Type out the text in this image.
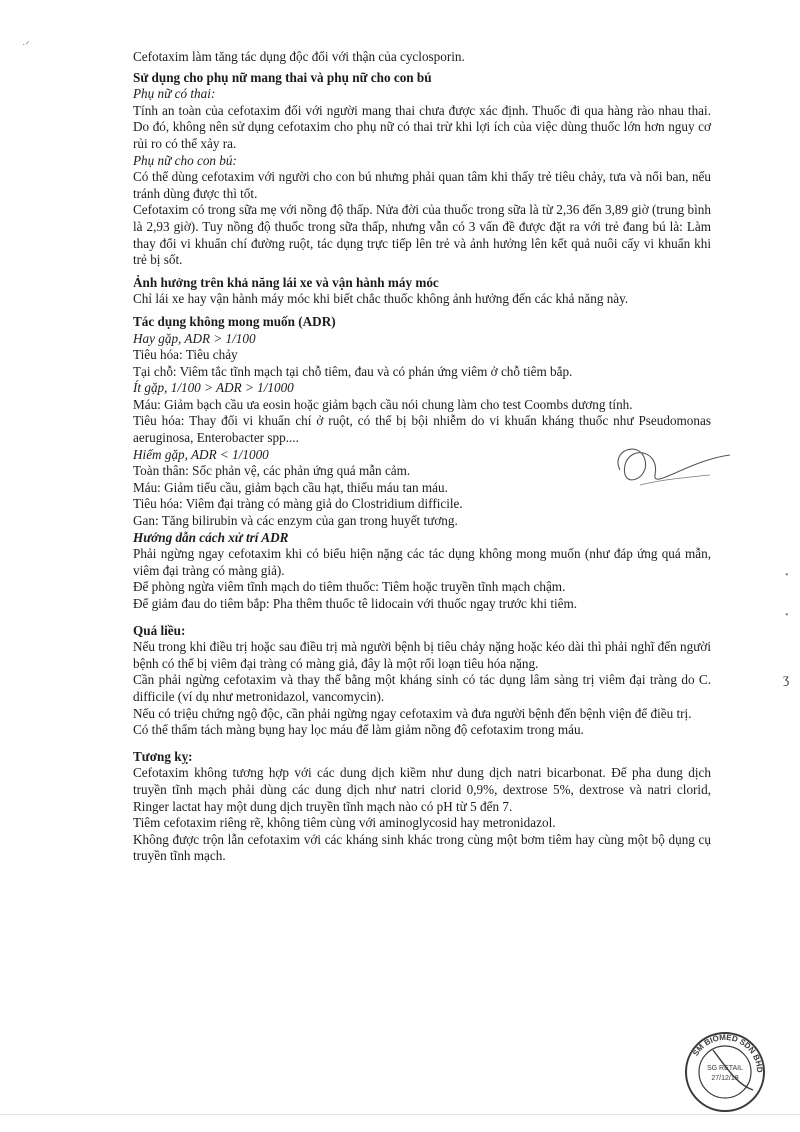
Cefotaxim làm tăng tác dụng độc đối với thận của cyclosporin.

Sử dụng cho phụ nữ mang thai và phụ nữ cho con bú

Phụ nữ có thai:

Tính an toàn của cefotaxim đối với người mang thai chưa được xác định. Thuốc đi qua hàng rào nhau thai. Do đó, không nên sử dụng cefotaxim cho phụ nữ có thai trừ khi lợi ích của việc dùng thuốc lớn hơn nguy cơ rủi ro có thể xảy ra.

Phụ nữ cho con bú:

Có thể dùng cefotaxim với người cho con bú nhưng phải quan tâm khi thấy trẻ tiêu chảy, tưa và nổi ban, nếu tránh dùng được thì tốt.

Cefotaxim có trong sữa mẹ với nồng độ thấp. Nửa đời của thuốc trong sữa là từ 2,36 đến 3,89 giờ (trung bình là 2,93 giờ). Tuy nồng độ thuốc trong sữa thấp, nhưng vẫn có 3 vấn đề được đặt ra với trẻ đang bú là: Làm thay đổi vi khuẩn chí đường ruột, tác dụng trực tiếp lên trẻ và ảnh hưởng lên kết quả nuôi cấy vi khuẩn khi trẻ bị sốt.

Ảnh hưởng trên khả năng lái xe và vận hành máy móc

Chỉ lái xe hay vận hành máy móc khi biết chắc thuốc không ảnh hưởng đến các khả năng này.

Tác dụng không mong muốn (ADR)

Hay gặp, ADR > 1/100

Tiêu hóa: Tiêu chảy

Tại chỗ: Viêm tắc tĩnh mạch tại chỗ tiêm, đau và có phản ứng viêm ở chỗ tiêm bắp.

Ít gặp, 1/100 > ADR > 1/1000

Máu: Giảm bạch cầu ưa eosin hoặc giảm bạch cầu nói chung làm cho test Coombs dương tính.

Tiêu hóa: Thay đổi vi khuẩn chí ở ruột, có thể bị bội nhiễm do vi khuẩn kháng thuốc như Pseudomonas aeruginosa, Enterobacter spp....

Hiếm gặp, ADR < 1/1000

Toàn thân: Sốc phản vệ, các phản ứng quá mẫn cảm.

Máu: Giảm tiểu cầu, giảm bạch cầu hạt, thiếu máu tan máu.

Tiêu hóa: Viêm đại tràng có màng giả do Clostridium difficile.

Gan: Tăng bilirubin và các enzym của gan trong huyết tương.

Hướng dẫn cách xử trí ADR

Phải ngừng ngay cefotaxim khi có biểu hiện nặng các tác dụng không mong muốn (như đáp ứng quá mẫn, viêm đại tràng có màng giả).

Để phòng ngừa viêm tĩnh mạch do tiêm thuốc: Tiêm hoặc truyền tĩnh mạch chậm.

Để giảm đau do tiêm bắp: Pha thêm thuốc tê lidocain với thuốc ngay trước khi tiêm.

Quá liều:

Nếu trong khi điều trị hoặc sau điều trị mà người bệnh bị tiêu chảy nặng hoặc kéo dài thì phải nghĩ đến người bệnh có thể bị viêm đại tràng có màng giả, đây là một rối loạn tiêu hóa nặng.

Cần phải ngừng cefotaxim và thay thế bằng một kháng sinh có tác dụng lâm sàng trị viêm đại tràng do C. difficile (ví dụ như metronidazol, vancomycin).

Nếu có triệu chứng ngộ độc, cần phải ngừng ngay cefotaxim và đưa người bệnh đến bệnh viện để điều trị.

Có thể thẩm tách màng bụng hay lọc máu để làm giảm nồng độ cefotaxim trong máu.

Tương kỵ:

Cefotaxim không tương hợp với các dung dịch kiềm như dung dịch natri bicarbonat. Để pha dung dịch truyền tĩnh mạch phải dùng các dung dịch như natri clorid 0,9%, dextrose 5%, dextrose và natri clorid, Ringer lactat hay một dung dịch truyền tĩnh mạch nào có pH từ 5 đến 7.

Tiêm cefotaxim riêng rẽ, không tiêm cùng với aminoglycosid hay metronidazol.

Không được trộn lẫn cefotaxim với các kháng sinh khác trong cùng một bơm tiêm hay cùng một bộ dụng cụ truyền tĩnh mạch.

·ᐟ
•
•
ʒ
SM BIOMED SDN BHD
SG RETAIL
27/12/18
